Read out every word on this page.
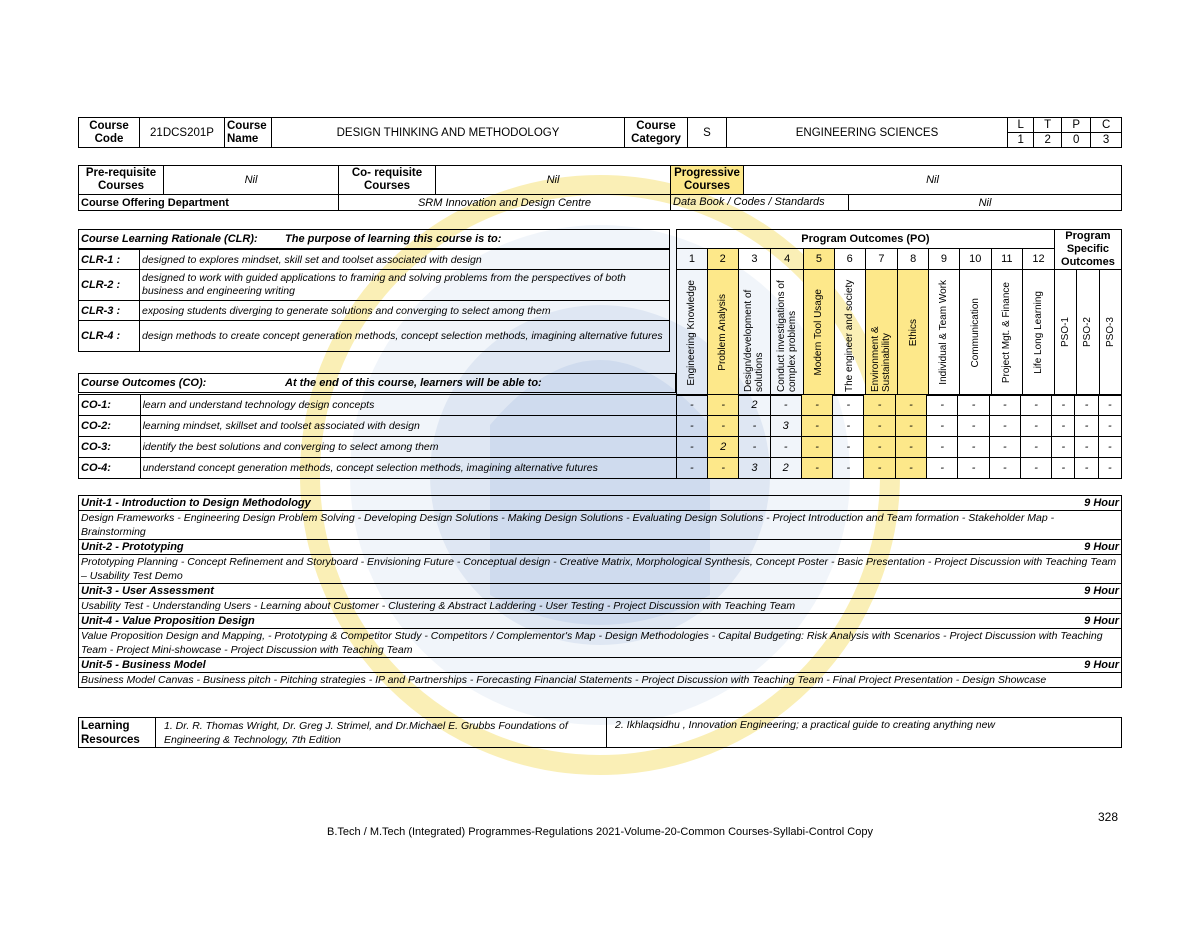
Course Code	21DCS201P	Course Name	DESIGN THINKING AND METHODOLOGY	Course Category	S	ENGINEERING SCIENCES	L	T	P	C
							1	2	0	3
Pre-requisite Courses	Nil	Co- requisite Courses	Nil	Progressive Courses	Nil
Course Offering Department		SRM Innovation and Design Centre		Data Book / Codes / Standards Nil	
Course Learning Rationale (CLR):	The purpose of learning this course is to:
CLR-1 :	designed to explores mindset, skill set and toolset associated with design
CLR-2 :	designed to work with guided applications to framing and solving problems from the perspectives of both business and engineering writing
CLR-3 :	exposing students diverging to generate solutions and converging to select among them
CLR-4 :	design methods to create concept generation methods, concept selection methods, imagining alternative futures
Course Outcomes (CO):	At the end of this course, learners will be able to:
Program Outcomes (PO)												Program Specific Outcomes		
1	2	3	4	5	6	7	8	9	10	11	12			

Engineering Knowledge	Problem Analysis	Design/development of solutions	Conduct investigations of complex problems	Modern Tool Usage	The engineer and society	Environment & Sustainability	Ethics	Individual & Team Work	Communication	Project Mgt. & Finance	Life Long Learning	PSO-1	PSO-2	PSO-3
CO-1:	learn and understand technology design concepts	-	-	2	-	-	-	-	-	-	-	-	-	-	-	-
CO-2:	learning mindset, skillset and toolset associated with design	-	-	-	3	-	-	-	-	-	-	-	-	-	-	-
CO-3:	identify the best solutions and converging to select among them	-	2	-	-	-	-	-	-	-	-	-	-	-	-	-
CO-4:	understand concept generation methods, concept selection methods, imagining alternative futures	-	-	3	2	-	-	-	-	-	-	-	-	-	-	-
Unit-1 - Introduction to Design Methodology	9 Hour

Design Frameworks - Engineering Design Problem Solving - Developing Design Solutions - Making Design Solutions - Evaluating Design Solutions - Project Introduction and Team formation - Stakeholder Map - Brainstorming
Unit-2 - Prototyping	9 Hour

Prototyping Planning - Concept Refinement and Storyboard - Envisioning Future - Conceptual design - Creative Matrix, Morphological Synthesis, Concept Poster - Basic Presentation - Project Discussion with Teaching Team – Usability Test Demo
Unit-3 - User Assessment	9 Hour

Usability Test - Understanding Users - Learning about Customer - Clustering & Abstract Laddering - User Testing - Project Discussion with Teaching Team
Unit-4 - Value Proposition Design	9 Hour

Value Proposition Design and Mapping, - Prototyping & Competitor Study - Competitors / Complementor's Map - Design Methodologies - Capital Budgeting: Risk Analysis with Scenarios - Project Discussion with Teaching Team - Project Mini-showcase - Project Discussion with Teaching Team
Unit-5 - Business Model	9 Hour

Business Model Canvas - Business pitch - Pitching strategies - IP and Partnerships - Forecasting Financial Statements - Project Discussion with Teaching Team - Final Project Presentation - Design Showcase
Learning Resources	1. Dr. R. Thomas Wright, Dr. Greg J. Strimel, and Dr.Michael E. Grubbs Foundations of Engineering & Technology, 7th Edition	2. Ikhlaqsidhu , Innovation Engineering; a practical guide to creating anything new
328
B.Tech / M.Tech (Integrated) Programmes-Regulations 2021-Volume-20-Common Courses-Syllabi-Control Copy
